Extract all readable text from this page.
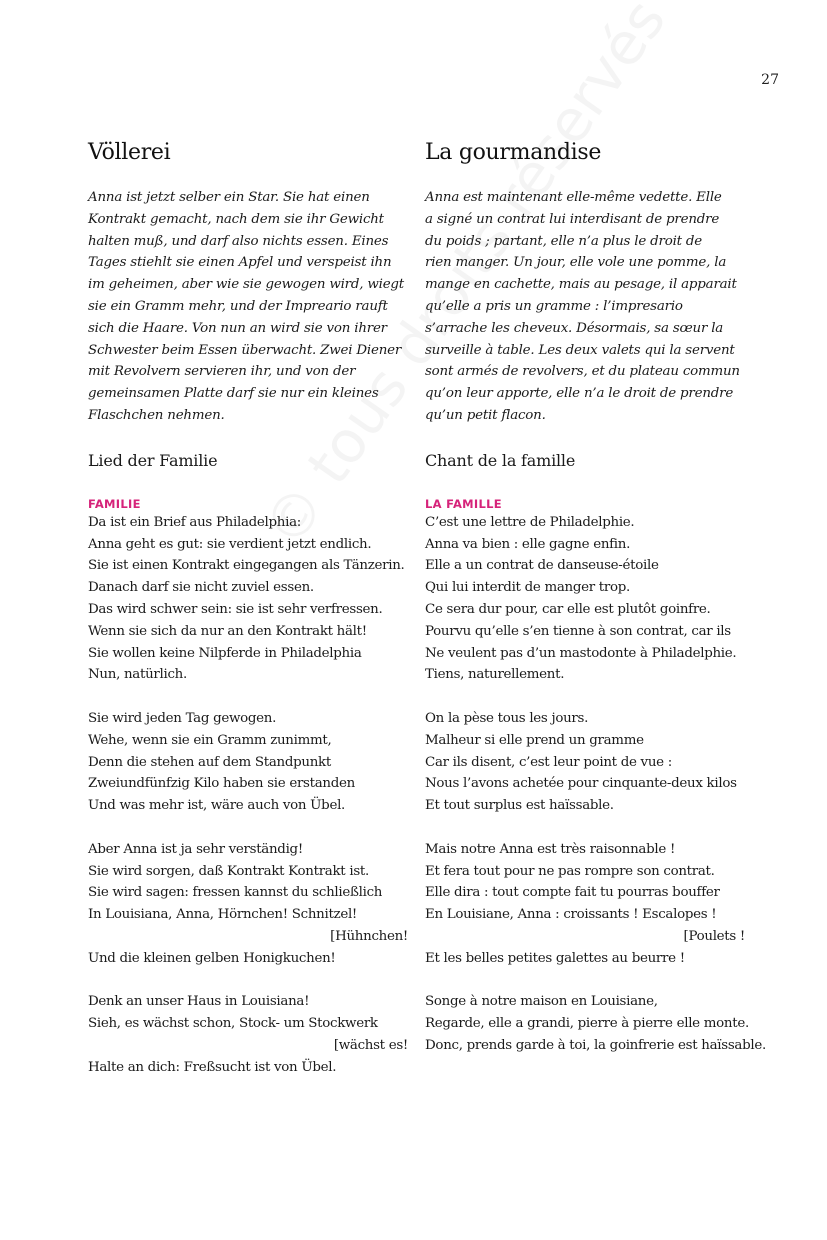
27
Völlerei

Anna ist jetzt selber ein Star. Sie hat einen

Kontrakt gemacht, nach dem sie ihr Gewicht

halten muß, und darf also nichts essen. Eines

Tages stiehlt sie einen Apfel und verspeist ihn

im geheimen, aber wie sie gewogen wird, wiegt

sie ein Gramm mehr, und der Impreario rauft

sich die Haare. Von nun an wird sie von ihrer

Schwester beim Essen überwacht. Zwei Diener

mit Revolvern servieren ihr, und von der

gemeinsamen Platte darf sie nur ein kleines

Flaschchen nehmen.

Lied der Familie
FAMILIE
Da ist ein Brief aus Philadelphia:
Anna geht es gut: sie verdient jetzt endlich.
Sie ist einen Kontrakt eingegangen als Tänzerin.
Danach darf sie nicht zuviel essen.
Das wird schwer sein: sie ist sehr verfressen.
Wenn sie sich da nur an den Kontrakt hält!
Sie wollen keine Nilpferde in Philadelphia
Nun, natürlich.
Sie wird jeden Tag gewogen.
Wehe, wenn sie ein Gramm zunimmt,
Denn die stehen auf dem Standpunkt
Zweiundfünfzig Kilo haben sie erstanden
Und was mehr ist, wäre auch von Übel.
Aber Anna ist ja sehr verständig!
Sie wird sorgen, daß Kontrakt Kontrakt ist.
Sie wird sagen: fressen kannst du schließlich
In Louisiana, Anna, Hörnchen! Schnitzel!
[Hühnchen!
Und die kleinen gelben Honigkuchen!
Denk an unser Haus in Louisiana!
Sieh, es wächst schon, Stock- um Stockwerk
[wächst es!
Halte an dich: Freßsucht ist von Übel.
La gourmandise

Anna est maintenant elle-même vedette. Elle

a signé un contrat lui interdisant de prendre

du poids ; partant, elle n’a plus le droit de

rien manger. Un jour, elle vole une pomme, la

mange en cachette, mais au pesage, il apparait

qu’elle a pris un gramme : l’impresario

s’arrache les cheveux. Désormais, sa sœur la

surveille à table. Les deux valets qui la servent

sont armés de revolvers, et du plateau commun

qu’on leur apporte, elle n’a le droit de prendre

qu’un petit flacon.

Chant de la famille
LA FAMILLE
C’est une lettre de Philadelphie.
Anna va bien : elle gagne enfin.
Elle a un contrat de danseuse-étoile
Qui lui interdit de manger trop.
Ce sera dur pour, car elle est plutôt goinfre.
Pourvu qu’elle s’en tienne à son contrat, car ils
Ne veulent pas d’un mastodonte à Philadelphie.
Tiens, naturellement.
On la pèse tous les jours.
Malheur si elle prend un gramme
Car ils disent, c’est leur point de vue :
Nous l’avons achetée pour cinquante-deux kilos
Et tout surplus est haïssable.
Mais notre Anna est très raisonnable !
Et fera tout pour ne pas rompre son contrat.
Elle dira : tout compte fait tu pourras bouffer
En Louisiane, Anna : croissants ! Escalopes !
[Poulets !
Et les belles petites galettes au beurre !
Songe à notre maison en Louisiane,
Regarde, elle a grandi, pierre à pierre elle monte.
Donc, prends garde à toi, la goinfrerie est haïssable.
